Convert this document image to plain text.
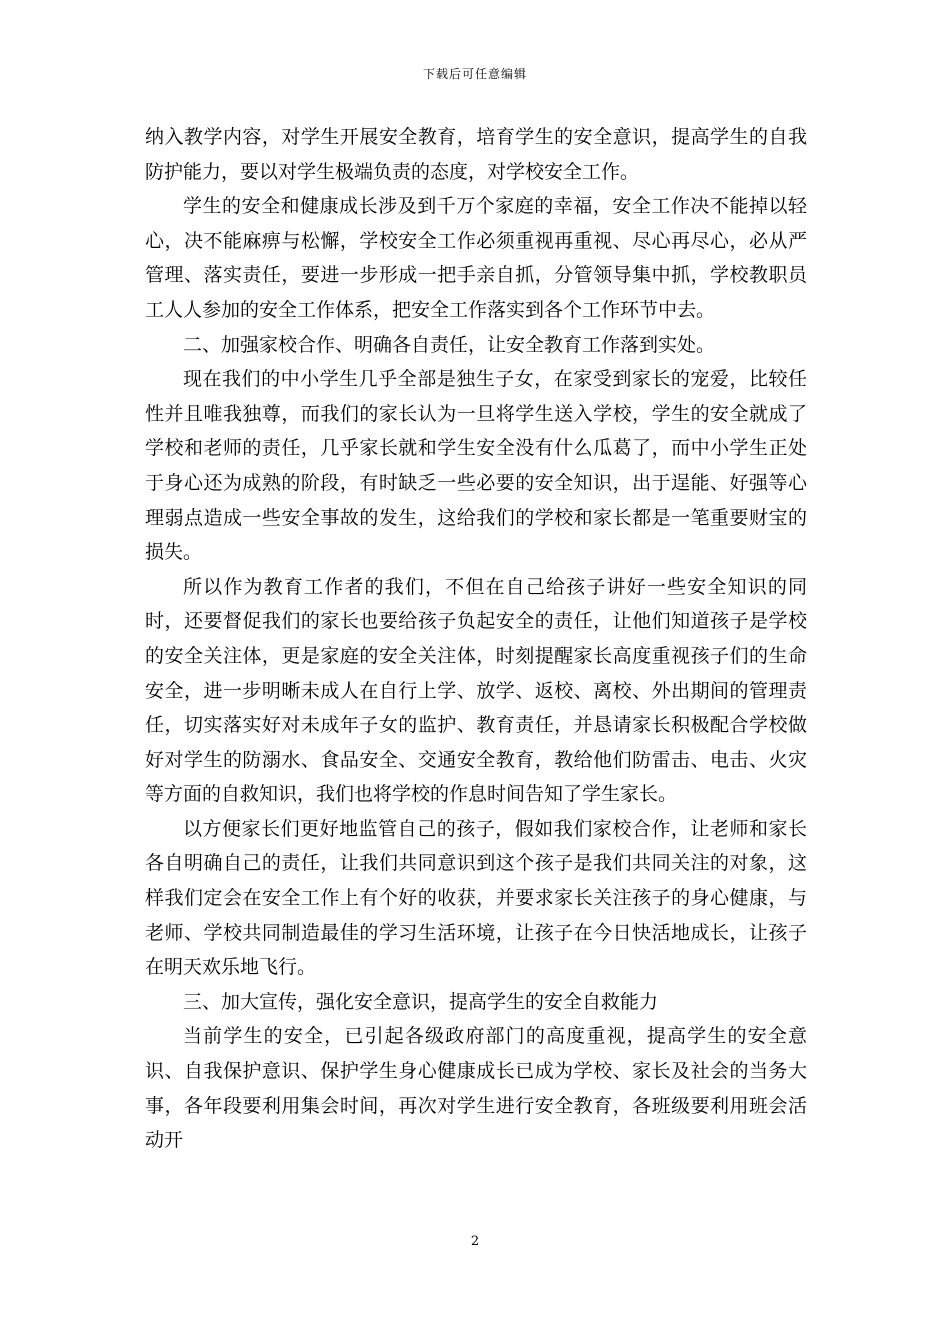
下载后可任意编辑

纳入教学内容，对学生开展安全教育，培育学生的安全意识，提高学生的自我防护能力，要以对学生极端负责的态度，对学校安全工作。

学生的安全和健康成长涉及到千万个家庭的幸福，安全工作决不能掉以轻心，决不能麻痹与松懈，学校安全工作必须重视再重视、尽心再尽心，必从严管理、落实责任，要进一步形成一把手亲自抓，分管领导集中抓，学校教职员工人人参加的安全工作体系，把安全工作落实到各个工作环节中去。

二、加强家校合作、明确各自责任，让安全教育工作落到实处。

现在我们的中小学生几乎全部是独生子女，在家受到家长的宠爱，比较任性并且唯我独尊，而我们的家长认为一旦将学生送入学校，学生的安全就成了学校和老师的责任，几乎家长就和学生安全没有什么瓜葛了，而中小学生正处于身心还为成熟的阶段，有时缺乏一些必要的安全知识，出于逞能、好强等心理弱点造成一些安全事故的发生，这给我们的学校和家长都是一笔重要财宝的损失。

所以作为教育工作者的我们，不但在自己给孩子讲好一些安全知识的同时，还要督促我们的家长也要给孩子负起安全的责任，让他们知道孩子是学校的安全关注体，更是家庭的安全关注体，时刻提醒家长高度重视孩子们的生命安全，进一步明晰未成人在自行上学、放学、返校、离校、外出期间的管理责任，切实落实好对未成年子女的监护、教育责任，并恳请家长积极配合学校做好对学生的防溺水、食品安全、交通安全教育，教给他们防雷击、电击、火灾等方面的自救知识，我们也将学校的作息时间告知了学生家长。

以方便家长们更好地监管自己的孩子，假如我们家校合作，让老师和家长各自明确自己的责任，让我们共同意识到这个孩子是我们共同关注的对象，这样我们定会在安全工作上有个好的收获，并要求家长关注孩子的身心健康，与老师、学校共同制造最佳的学习生活环境，让孩子在今日快活地成长，让孩子在明天欢乐地飞行。

三、加大宣传，强化安全意识，提高学生的安全自救能力

当前学生的安全，已引起各级政府部门的高度重视，提高学生的安全意识、自我保护意识、保护学生身心健康成长已成为学校、家长及社会的当务大事，各年段要利用集会时间，再次对学生进行安全教育，各班级要利用班会活动开

2
